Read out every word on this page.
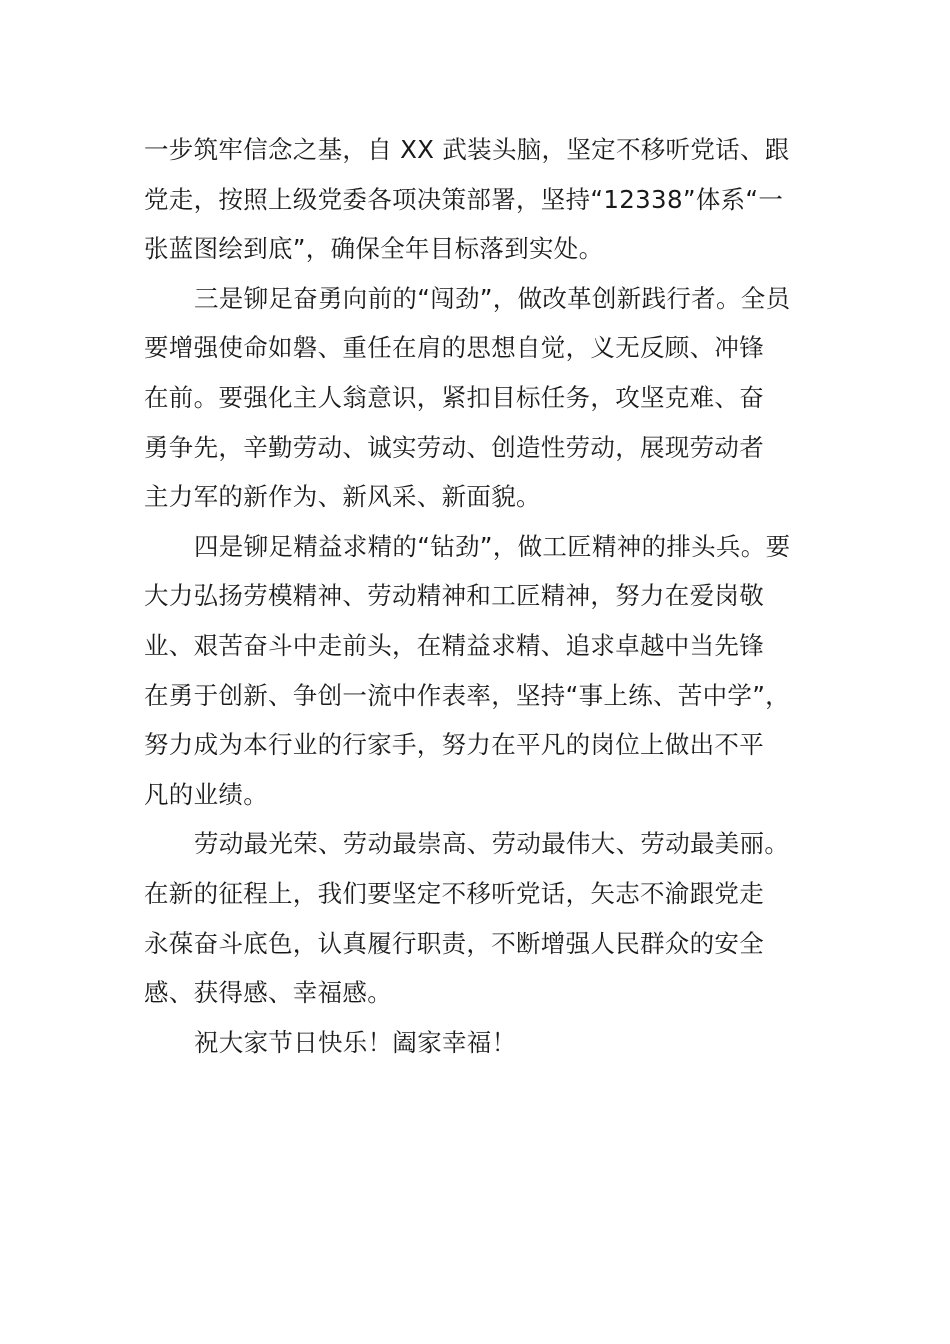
一步筑牢信念之基，自 XX 武装头脑，坚定不移听党话、跟
党走，按照上级党委各项决策部署，坚持“12338”体系“一
张蓝图绘到底”，确保全年目标落到实处。
三是铆足奋勇向前的“闯劲”，做改革创新践行者。全员
要增强使命如磐、重任在肩的思想自觉，义无反顾、冲锋
在前。要强化主人翁意识，紧扣目标任务，攻坚克难、奋
勇争先，辛勤劳动、诚实劳动、创造性劳动，展现劳动者
主力军的新作为、新风采、新面貌。
四是铆足精益求精的“钻劲”，做工匠精神的排头兵。要
大力弘扬劳模精神、劳动精神和工匠精神，努力在爱岗敬
业、艰苦奋斗中走前头，在精益求精、追求卓越中当先锋
在勇于创新、争创一流中作表率，坚持“事上练、苦中学”，
努力成为本行业的行家手，努力在平凡的岗位上做出不平
凡的业绩。
劳动最光荣、劳动最崇高、劳动最伟大、劳动最美丽。
在新的征程上，我们要坚定不移听党话，矢志不渝跟党走
永葆奋斗底色，认真履行职责，不断增强人民群众的安全
感、获得感、幸福感。
祝大家节日快乐！阖家幸福！
